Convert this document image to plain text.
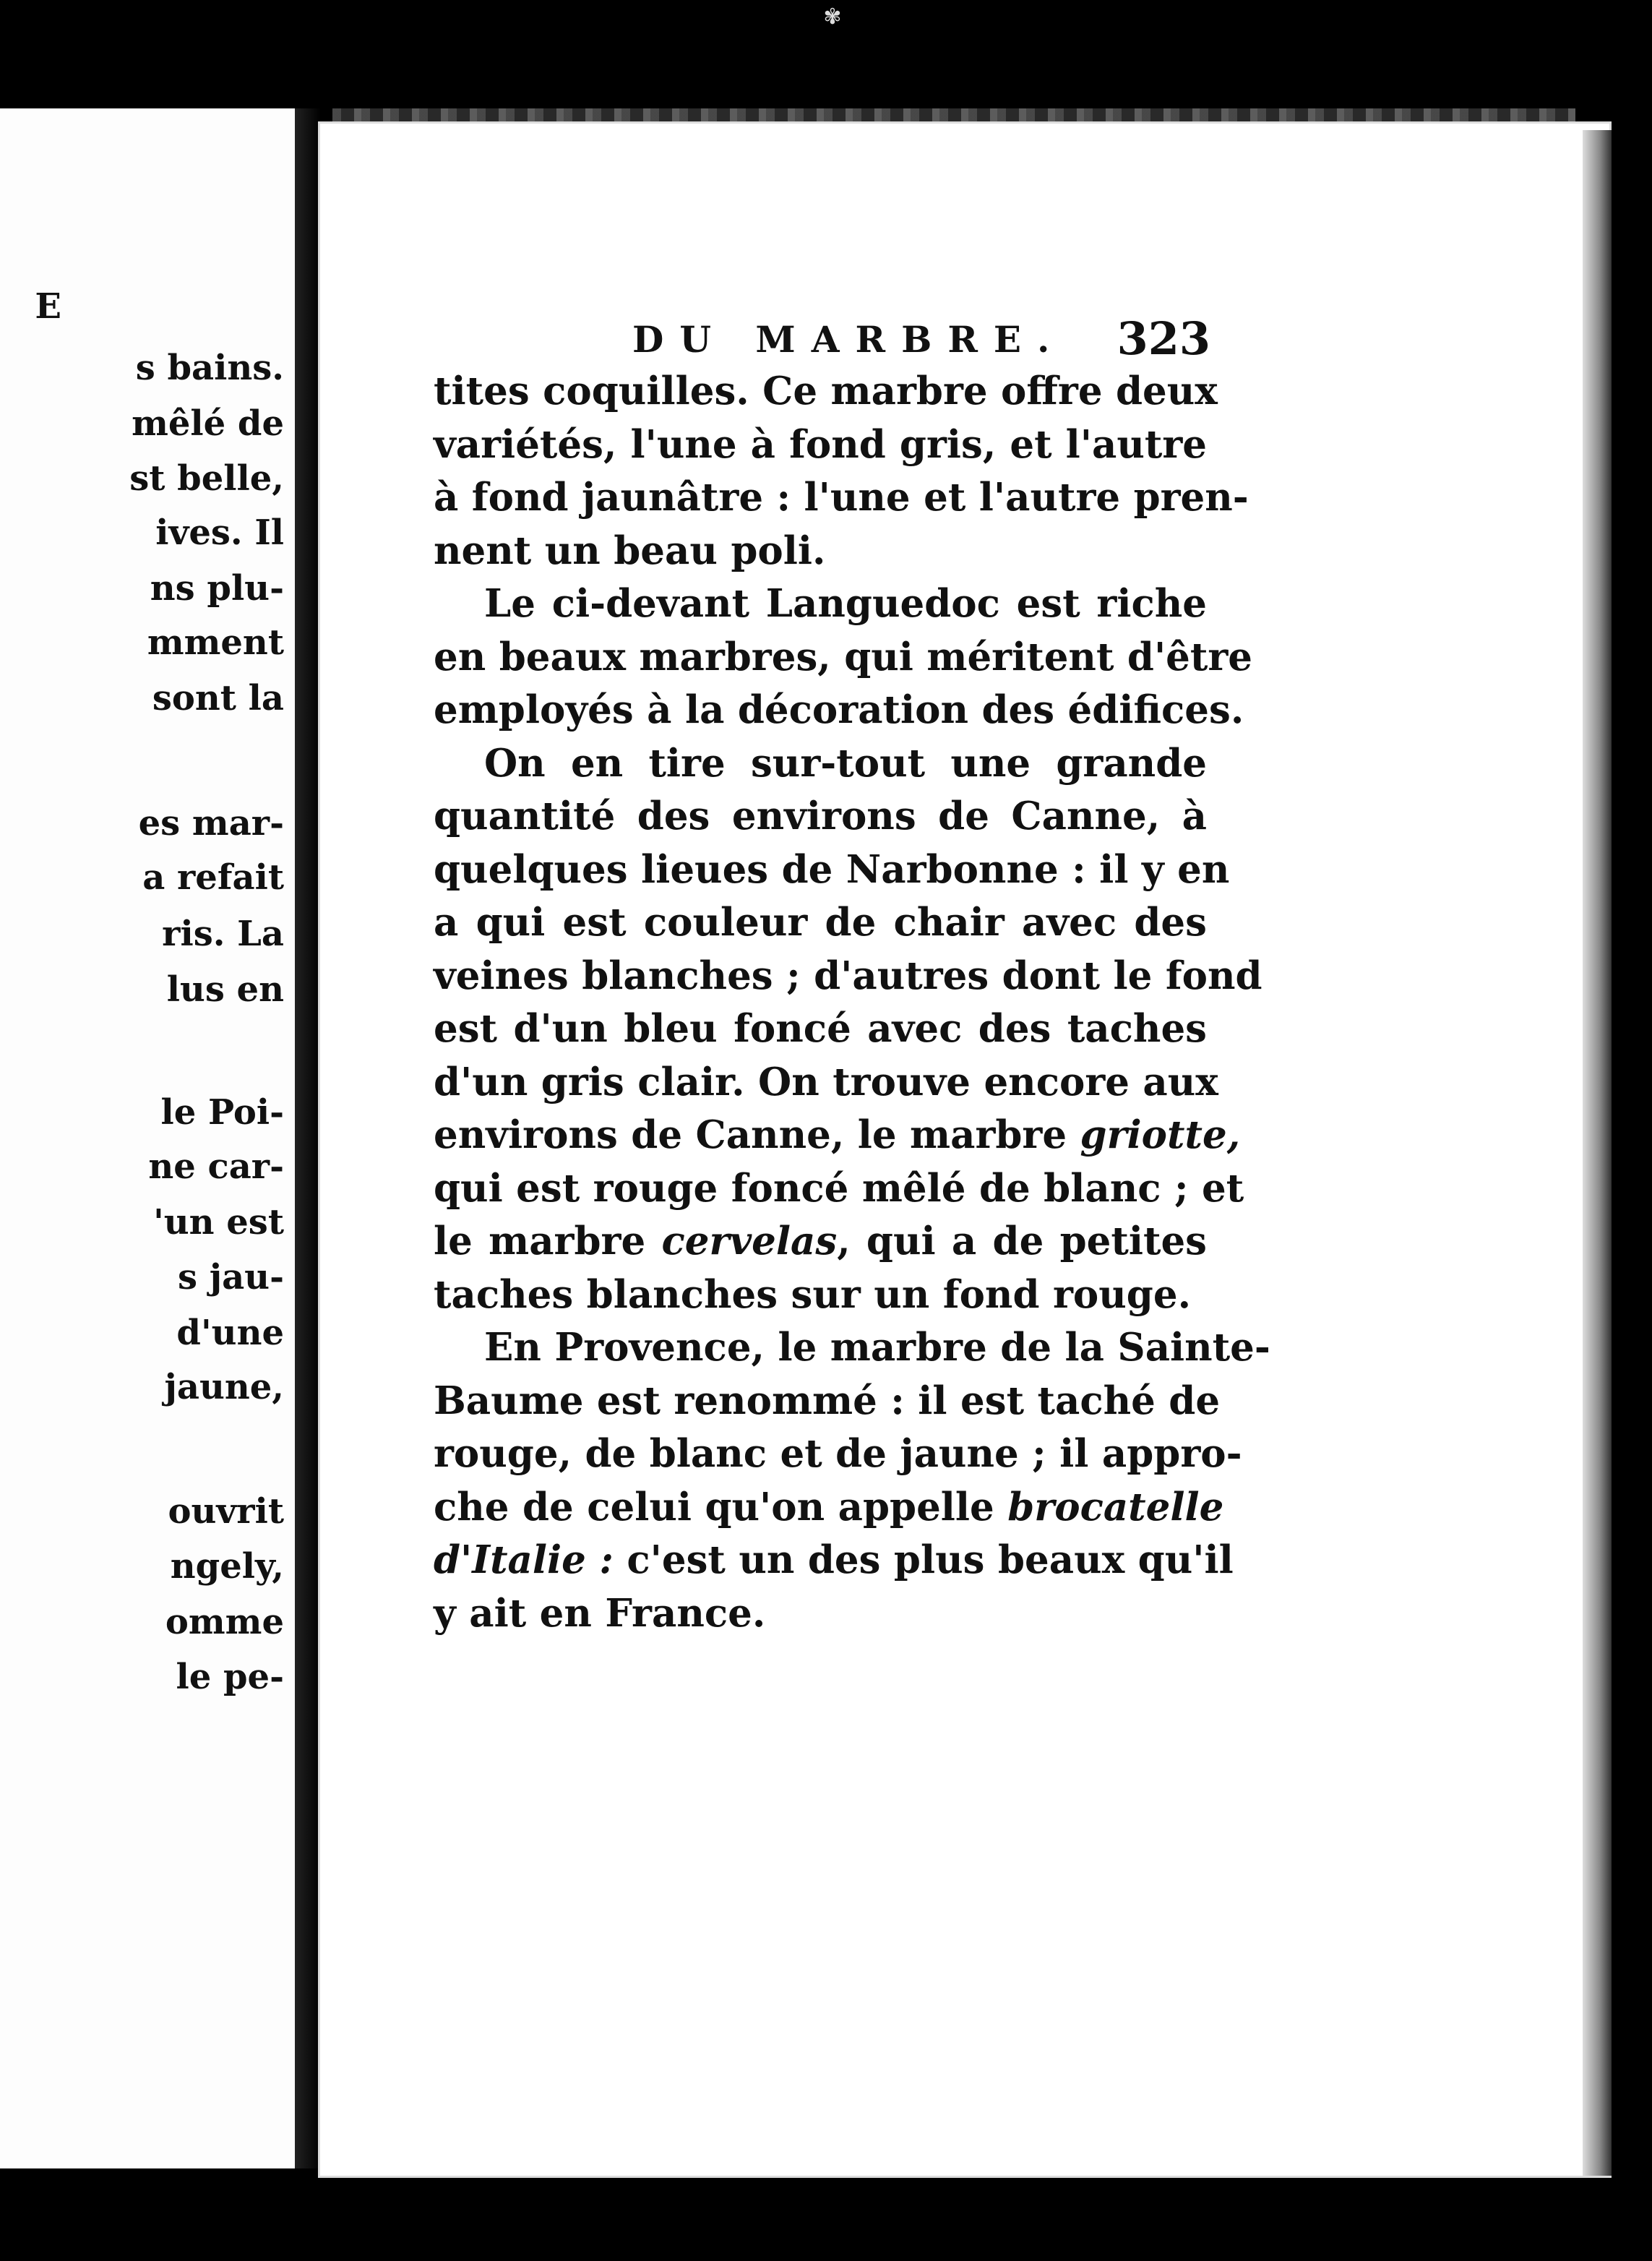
✾
E
s bains.
mêlé de
st belle,
ives. Il
ns plu-
mment
sont la
es mar-
a refait
ris. La
lus en
le Poi-
ne car-
'un est
s jau-
d'une
jaune,
ouvrit
ngely,
omme
le pe-
DU MARBRE. 323
tites coquilles. Ce marbre offre deux
variétés, l'une à fond gris, et l'autre
à fond jaunâtre : l'une et l'autre pren-
nent un beau poli.
Le ci-devant Languedoc est riche
en beaux marbres, qui méritent d'être
employés à la décoration des édifices.
On en tire sur-tout une grande
quantité des environs de Canne, à
quelques lieues de Narbonne : il y en
a qui est couleur de chair avec des
veines blanches ; d'autres dont le fond
est d'un bleu foncé avec des taches
d'un gris clair. On trouve encore aux
environs de Canne, le marbre griotte,
qui est rouge foncé mêlé de blanc ; et
le marbre cervelas, qui a de petites
taches blanches sur un fond rouge.
En Provence, le marbre de la Sainte-
Baume est renommé : il est taché de
rouge, de blanc et de jaune ; il appro-
che de celui qu'on appelle brocatelle
d'Italie : c'est un des plus beaux qu'il
y ait en France.
